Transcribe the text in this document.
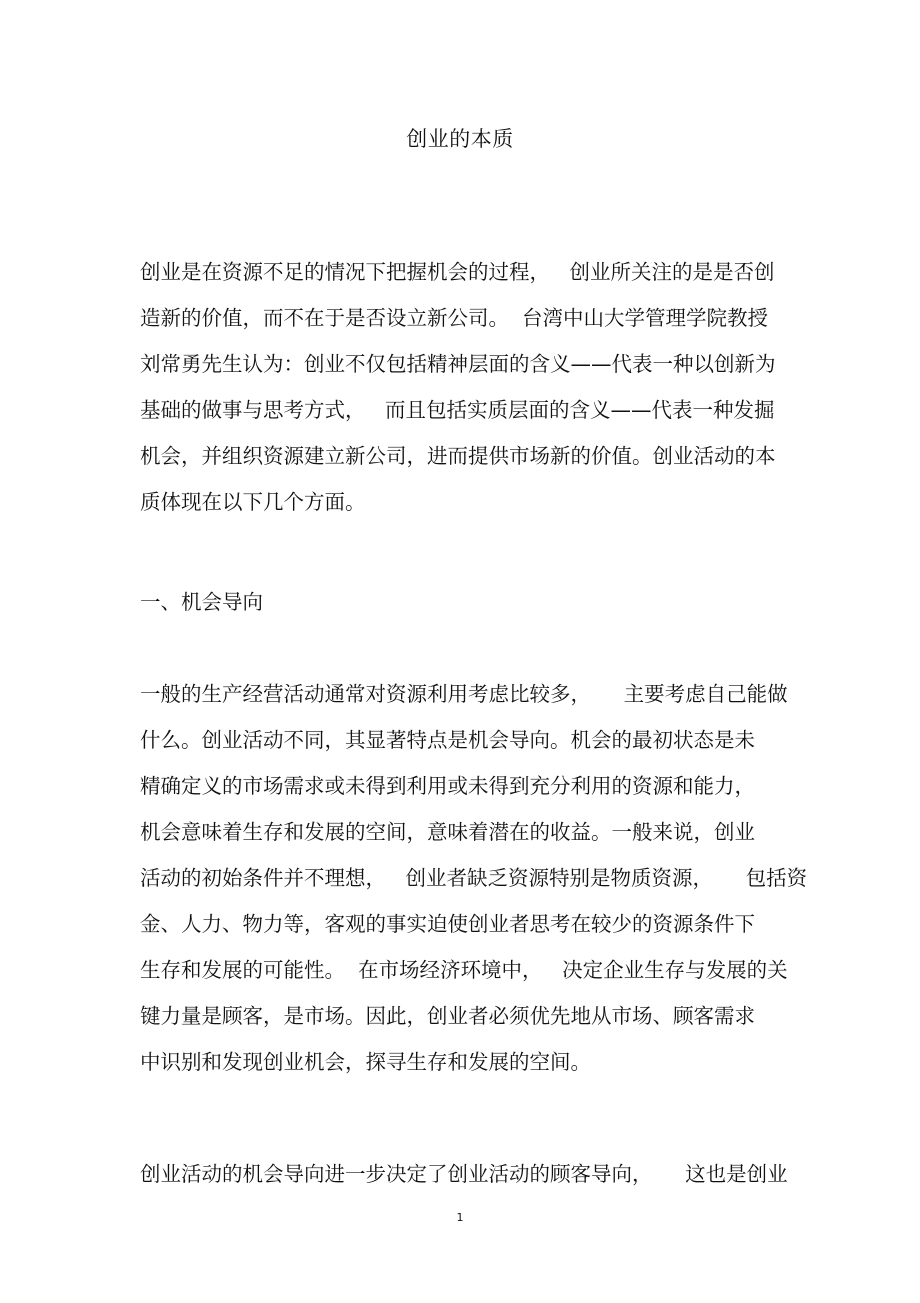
创业的本质
创业是在资源不足的情况下把握机会的过程，   创业所关注的是是否创
造新的价值，而不在于是否设立新公司。  台湾中山大学管理学院教授
刘常勇先生认为：创业不仅包括精神层面的含义——代表一种以创新为
基础的做事与思考方式，   而且包括实质层面的含义——代表一种发掘
机会，并组织资源建立新公司，进而提供市场新的价值。创业活动的本
质体现在以下几个方面。
一、机会导向
一般的生产经营活动通常对资源利用考虑比较多，     主要考虑自己能做
什么。创业活动不同，其显著特点是机会导向。机会的最初状态是未
精确定义的市场需求或未得到利用或未得到充分利用的资源和能力，
机会意味着生存和发展的空间，意味着潜在的收益。一般来说，创业
活动的初始条件并不理想，   创业者缺乏资源特别是物质资源，     包括资
金、人力、物力等，客观的事实迫使创业者思考在较少的资源条件下
生存和发展的可能性。  在市场经济环境中，   决定企业生存与发展的关
键力量是顾客，是市场。因此，创业者必须优先地从市场、顾客需求
中识别和发现创业机会，探寻生存和发展的空间。
创业活动的机会导向进一步决定了创业活动的顾客导向，     这也是创业
1
